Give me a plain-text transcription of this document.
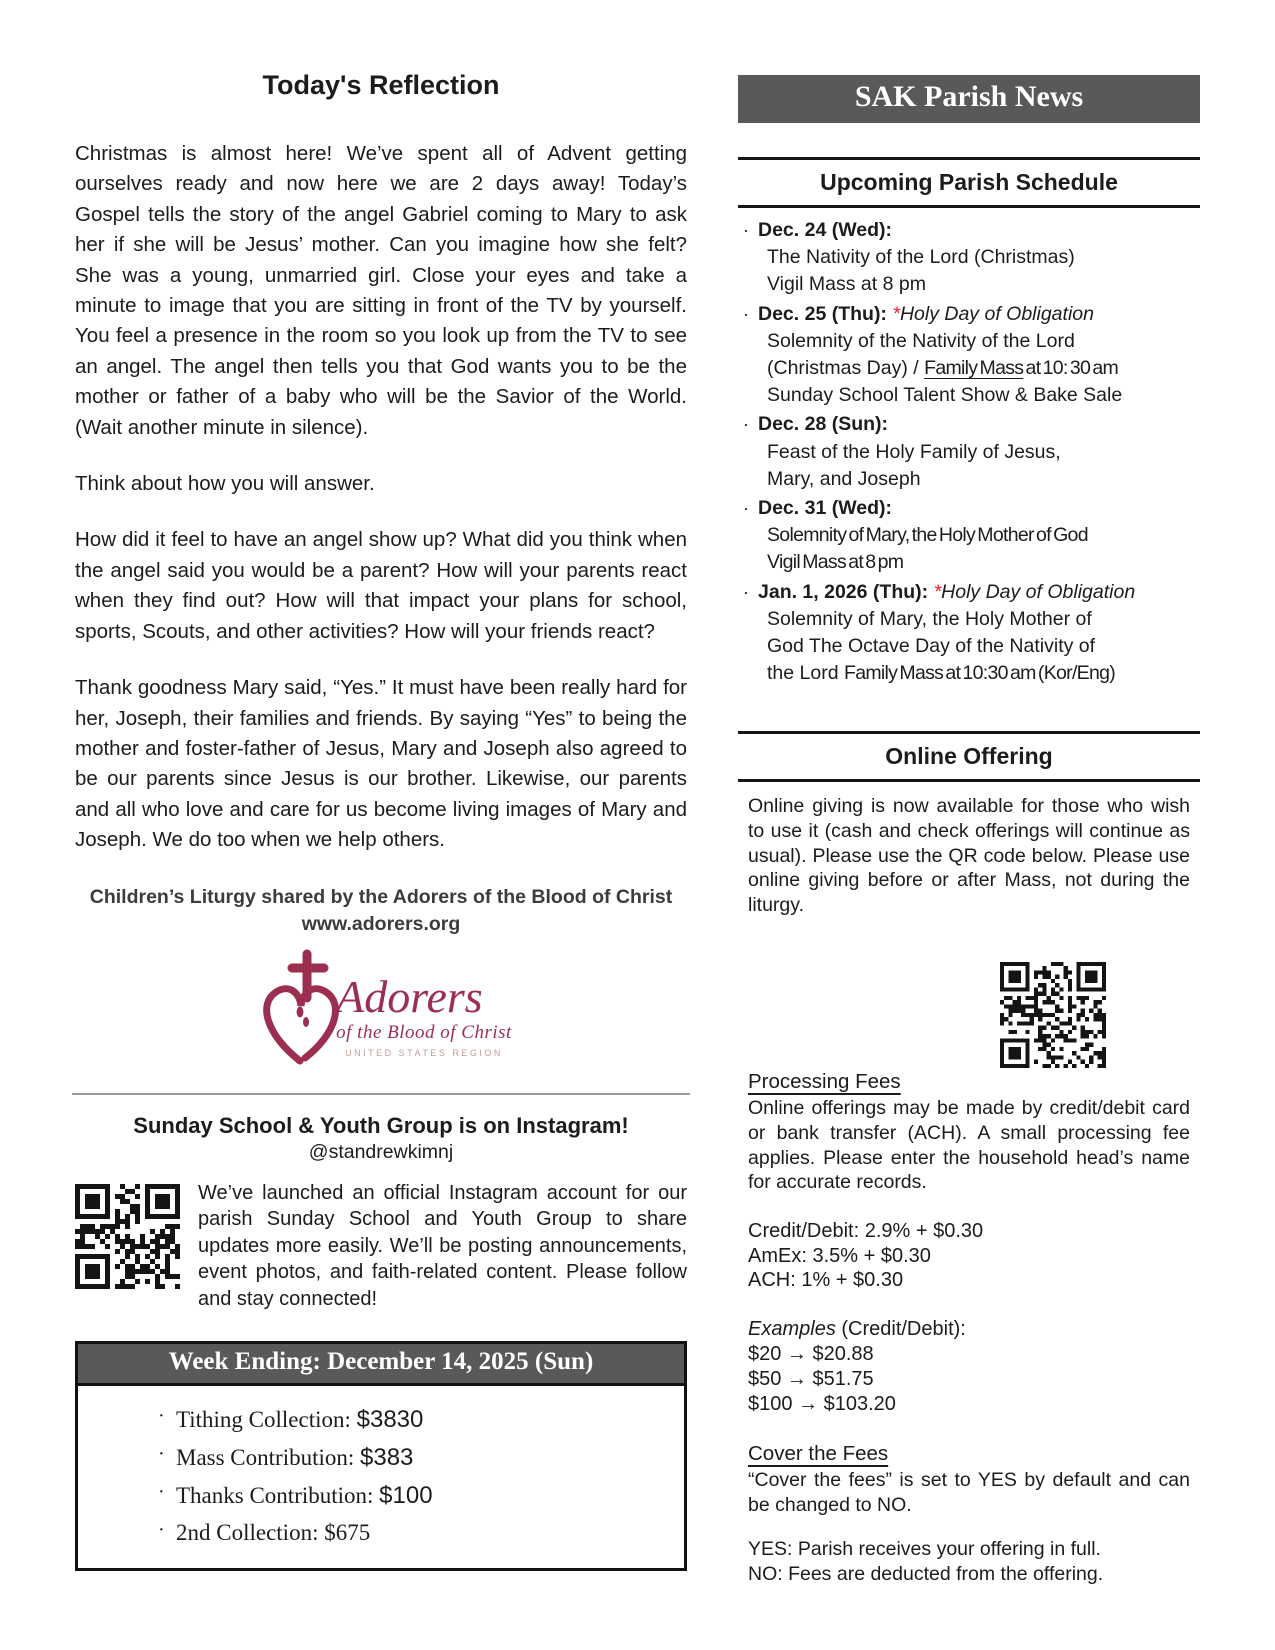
Today's Reflection

Christmas is almost here! We’ve spent all of Advent getting ourselves ready and now here we are 2 days away! Today’s Gospel tells the story of the angel Gabriel coming to Mary to ask her if she will be Jesus’ mother. Can you imagine how she felt? She was a young, unmarried girl. Close your eyes and take a minute to image that you are sitting in front of the TV by yourself. You feel a presence in the room so you look up from the TV to see an angel. The angel then tells you that God wants you to be the mother or father of a baby who will be the Savior of the World. (Wait another minute in silence).

Think about how you will answer.

How did it feel to have an angel show up? What did you think when the angel said you would be a parent? How will your parents react when they find out? How will that impact your plans for school, sports, Scouts, and other activities? How will your friends react?

Thank goodness Mary said, “Yes.” It must have been really hard for her, Joseph, their families and friends. By saying “Yes” to being the mother and foster-father of Jesus, Mary and Joseph also agreed to be our parents since Jesus is our brother. Likewise, our parents and all who love and care for us become living images of Mary and Joseph. We do too when we help others.

Children’s Liturgy shared by the Adorers of the Blood of Christ
www.adorers.org
Adorers
of the Blood of Christ
UNITED STATES REGION
Sunday School & Youth Group is on Instagram!
@standrewkimnj

We’ve launched an official Instagram account for our parish Sunday School and Youth Group to share updates more easily. We’ll be posting announcements, event photos, and faith-related content. Please follow and stay connected!

Week Ending: December 14, 2025 (Sun)
· Tithing Collection: $3830
· Mass Contribution: $383
· Thanks Contribution: $100
· 2nd Collection: $675
SAK Parish News
Upcoming Parish Schedule
· Dec. 24 (Wed):
The Nativity of the Lord (Christmas)
Vigil Mass at 8 pm
· Dec. 25 (Thu): *Holy Day of Obligation
Solemnity of the Nativity of the Lord
(Christmas Day) / Family Mass at 10: 30 am
Sunday School Talent Show & Bake Sale
· Dec. 28 (Sun):
Feast of the Holy Family of Jesus,
Mary, and Joseph
· Dec. 31 (Wed):
Solemnity of Mary, the Holy Mother of God
Vigil Mass at 8 pm
· Jan. 1, 2026 (Thu): *Holy Day of Obligation
Solemnity of Mary, the Holy Mother of
God The Octave Day of the Nativity of
the Lord Family Mass at 10:30 am (Kor/Eng)
Online Offering

Online giving is now available for those who wish to use it (cash and check offerings will continue as usual). Please use the QR code below. Please use online giving before or after Mass, not during the liturgy.

Processing Fees

Online offerings may be made by credit/debit card or bank transfer (ACH). A small processing fee applies. Please enter the household head’s name for accurate records.

Credit/Debit: 2.9% + $0.30
AmEx: 3.5% + $0.30
ACH: 1% + $0.30
Examples (Credit/Debit):
$20 → $20.88
$50 → $51.75
$100 → $103.20
Cover the Fees

“Cover the fees” is set to YES by default and can be changed to NO.

YES: Parish receives your offering in full.
NO: Fees are deducted from the offering.
